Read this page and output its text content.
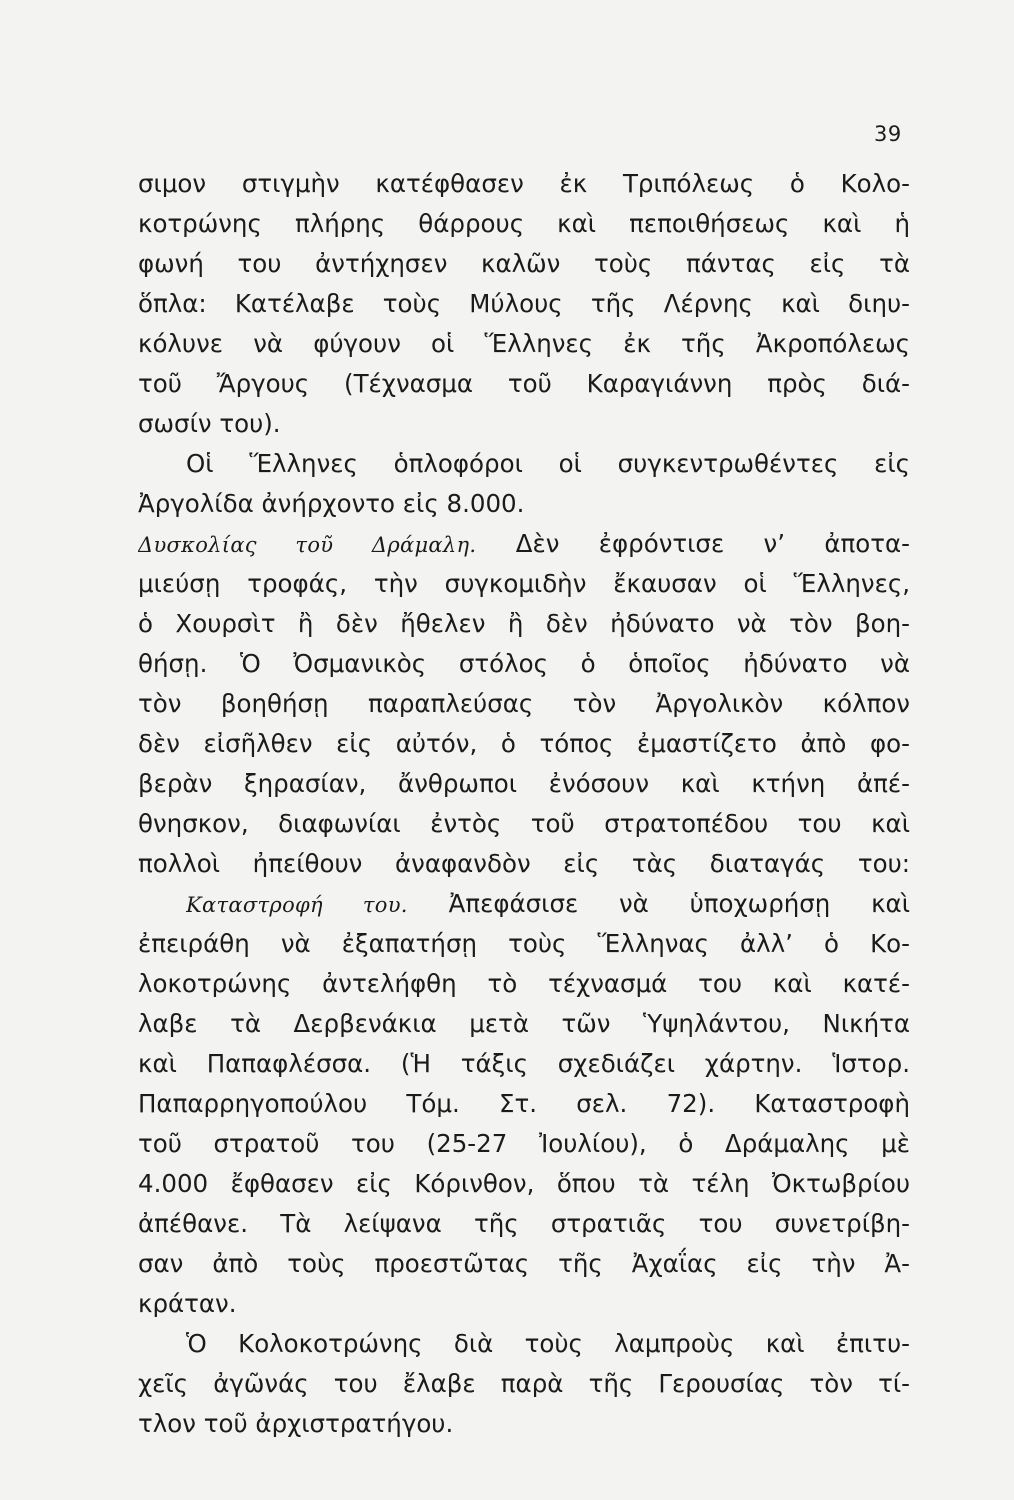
39
σιμον στιγμὴν κατέφθασεν ἐκ Τριπόλεως ὁ Κολο-
κοτρώνης πλήρης θάρρους καὶ πεποιθήσεως καὶ ἡ
φωνή του ἀντήχησεν καλῶν τοὺς πάντας εἰς τὰ
ὅπλα: Κατέλαβε τοὺς Μύλους τῆς Λέρνης καὶ διηυ-
κόλυνε νὰ φύγουν οἱ Ἕλληνες ἐκ τῆς Ἀκροπόλεως
τοῦ Ἄργους (Τέχνασμα τοῦ Καραγιάννη πρὸς διά-
σωσίν του).
Οἱ Ἕλληνες ὁπλοφόροι οἱ συγκεντρωθέντες εἰς
Ἀργολίδα ἀνήρχοντο εἰς 8.000.
Δυσκολίας τοῦ Δράμαλη. Δὲν ἐφρόντισε ν’ ἀποτα-
μιεύσῃ τροφάς, τὴν συγκομιδὴν ἔκαυσαν οἱ Ἕλληνες,
ὁ Χουρσὶτ ἢ δὲν ἤθελεν ἢ δὲν ἠδύνατο νὰ τὸν βοη-
θήσῃ. Ὁ Ὀσμανικὸς στόλος ὁ ὁποῖος ἠδύνατο νὰ
τὸν βοηθήσῃ παραπλεύσας τὸν Ἀργολικὸν κόλπον
δὲν εἰσῆλθεν εἰς αὐτόν, ὁ τόπος ἐμαστίζετο ἀπὸ φο-
βερὰν ξηρασίαν, ἄνθρωποι ἐνόσουν καὶ κτήνη ἀπέ-
θνησκον, διαφωνίαι ἐντὸς τοῦ στρατοπέδου του καὶ
πολλοὶ ἠπείθουν ἀναφανδὸν εἰς τὰς διαταγάς του:
Καταστροφή του. Ἀπεφάσισε νὰ ὑποχωρήσῃ καὶ
ἐπειράθη νὰ ἐξαπατήσῃ τοὺς Ἕλληνας ἀλλ’ ὁ Κο-
λοκοτρώνης ἀντελήφθη τὸ τέχνασμά του καὶ κατέ-
λαβε τὰ Δερβενάκια μετὰ τῶν Ὑψηλάντου, Νικήτα
καὶ Παπαφλέσσα. (Ἡ τάξις σχεδιάζει χάρτην. Ἱστορ.
Παπαρρηγοπούλου Τόμ. Στ. σελ. 72). Καταστροφὴ
τοῦ στρατοῦ του (25-27 Ἰουλίου), ὁ Δράμαλης μὲ
4.000 ἔφθασεν εἰς Κόρινθον, ὅπου τὰ τέλη Ὀκτωβρίου
ἀπέθανε. Τὰ λείψανα τῆς στρατιᾶς του συνετρίβη-
σαν ἀπὸ τοὺς προεστῶτας τῆς Ἀχαΐας εἰς τὴν Ἀ-
κράταν.
Ὁ Κολοκοτρώνης διὰ τοὺς λαμπροὺς καὶ ἐπιτυ-
χεῖς ἀγῶνάς του ἔλαβε παρὰ τῆς Γερουσίας τὸν τί-
τλον τοῦ ἀρχιστρατήγου.
